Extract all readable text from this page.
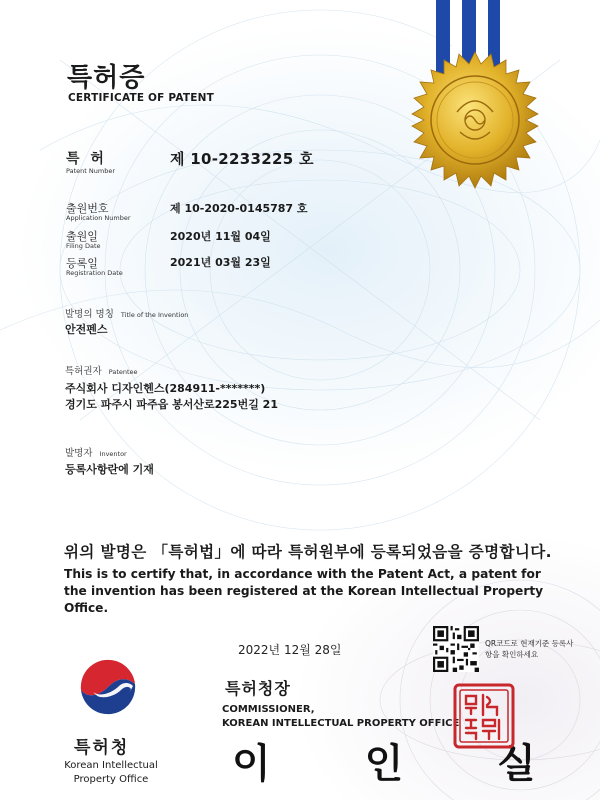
특허증
CERTIFICATE OF PATENT
특 허
Patent Number
제 10-2233225 호
출원번호
Application Number
제 10-2020-0145787 호
출원일
Filing Date
2020년 11월 04일
등록일
Registration Date
2021년 03월 23일
발명의 명칭 Title of the Invention
안전펜스
특허권자 Patentee
주식회사 디자인헨스(284911-*******)
경기도 파주시 파주읍 봉서산로225번길 21
발명자 Inventor
등록사항란에 기재
위의 발명은 「특허법」에 따라 특허원부에 등록되었음을 증명합니다.
This is to certify that, in accordance with the Patent Act, a patent for the invention has been registered at the Korean Intellectual Property Office.
2022년 12월 28일	QR코드로 현재기준 등록사항을 확인하세요
특허청
Korean Intellectual Property Office
특허청장
COMMISSIONER,
KOREAN INTELLECTUAL PROPERTY OFFICE
이 인 실
